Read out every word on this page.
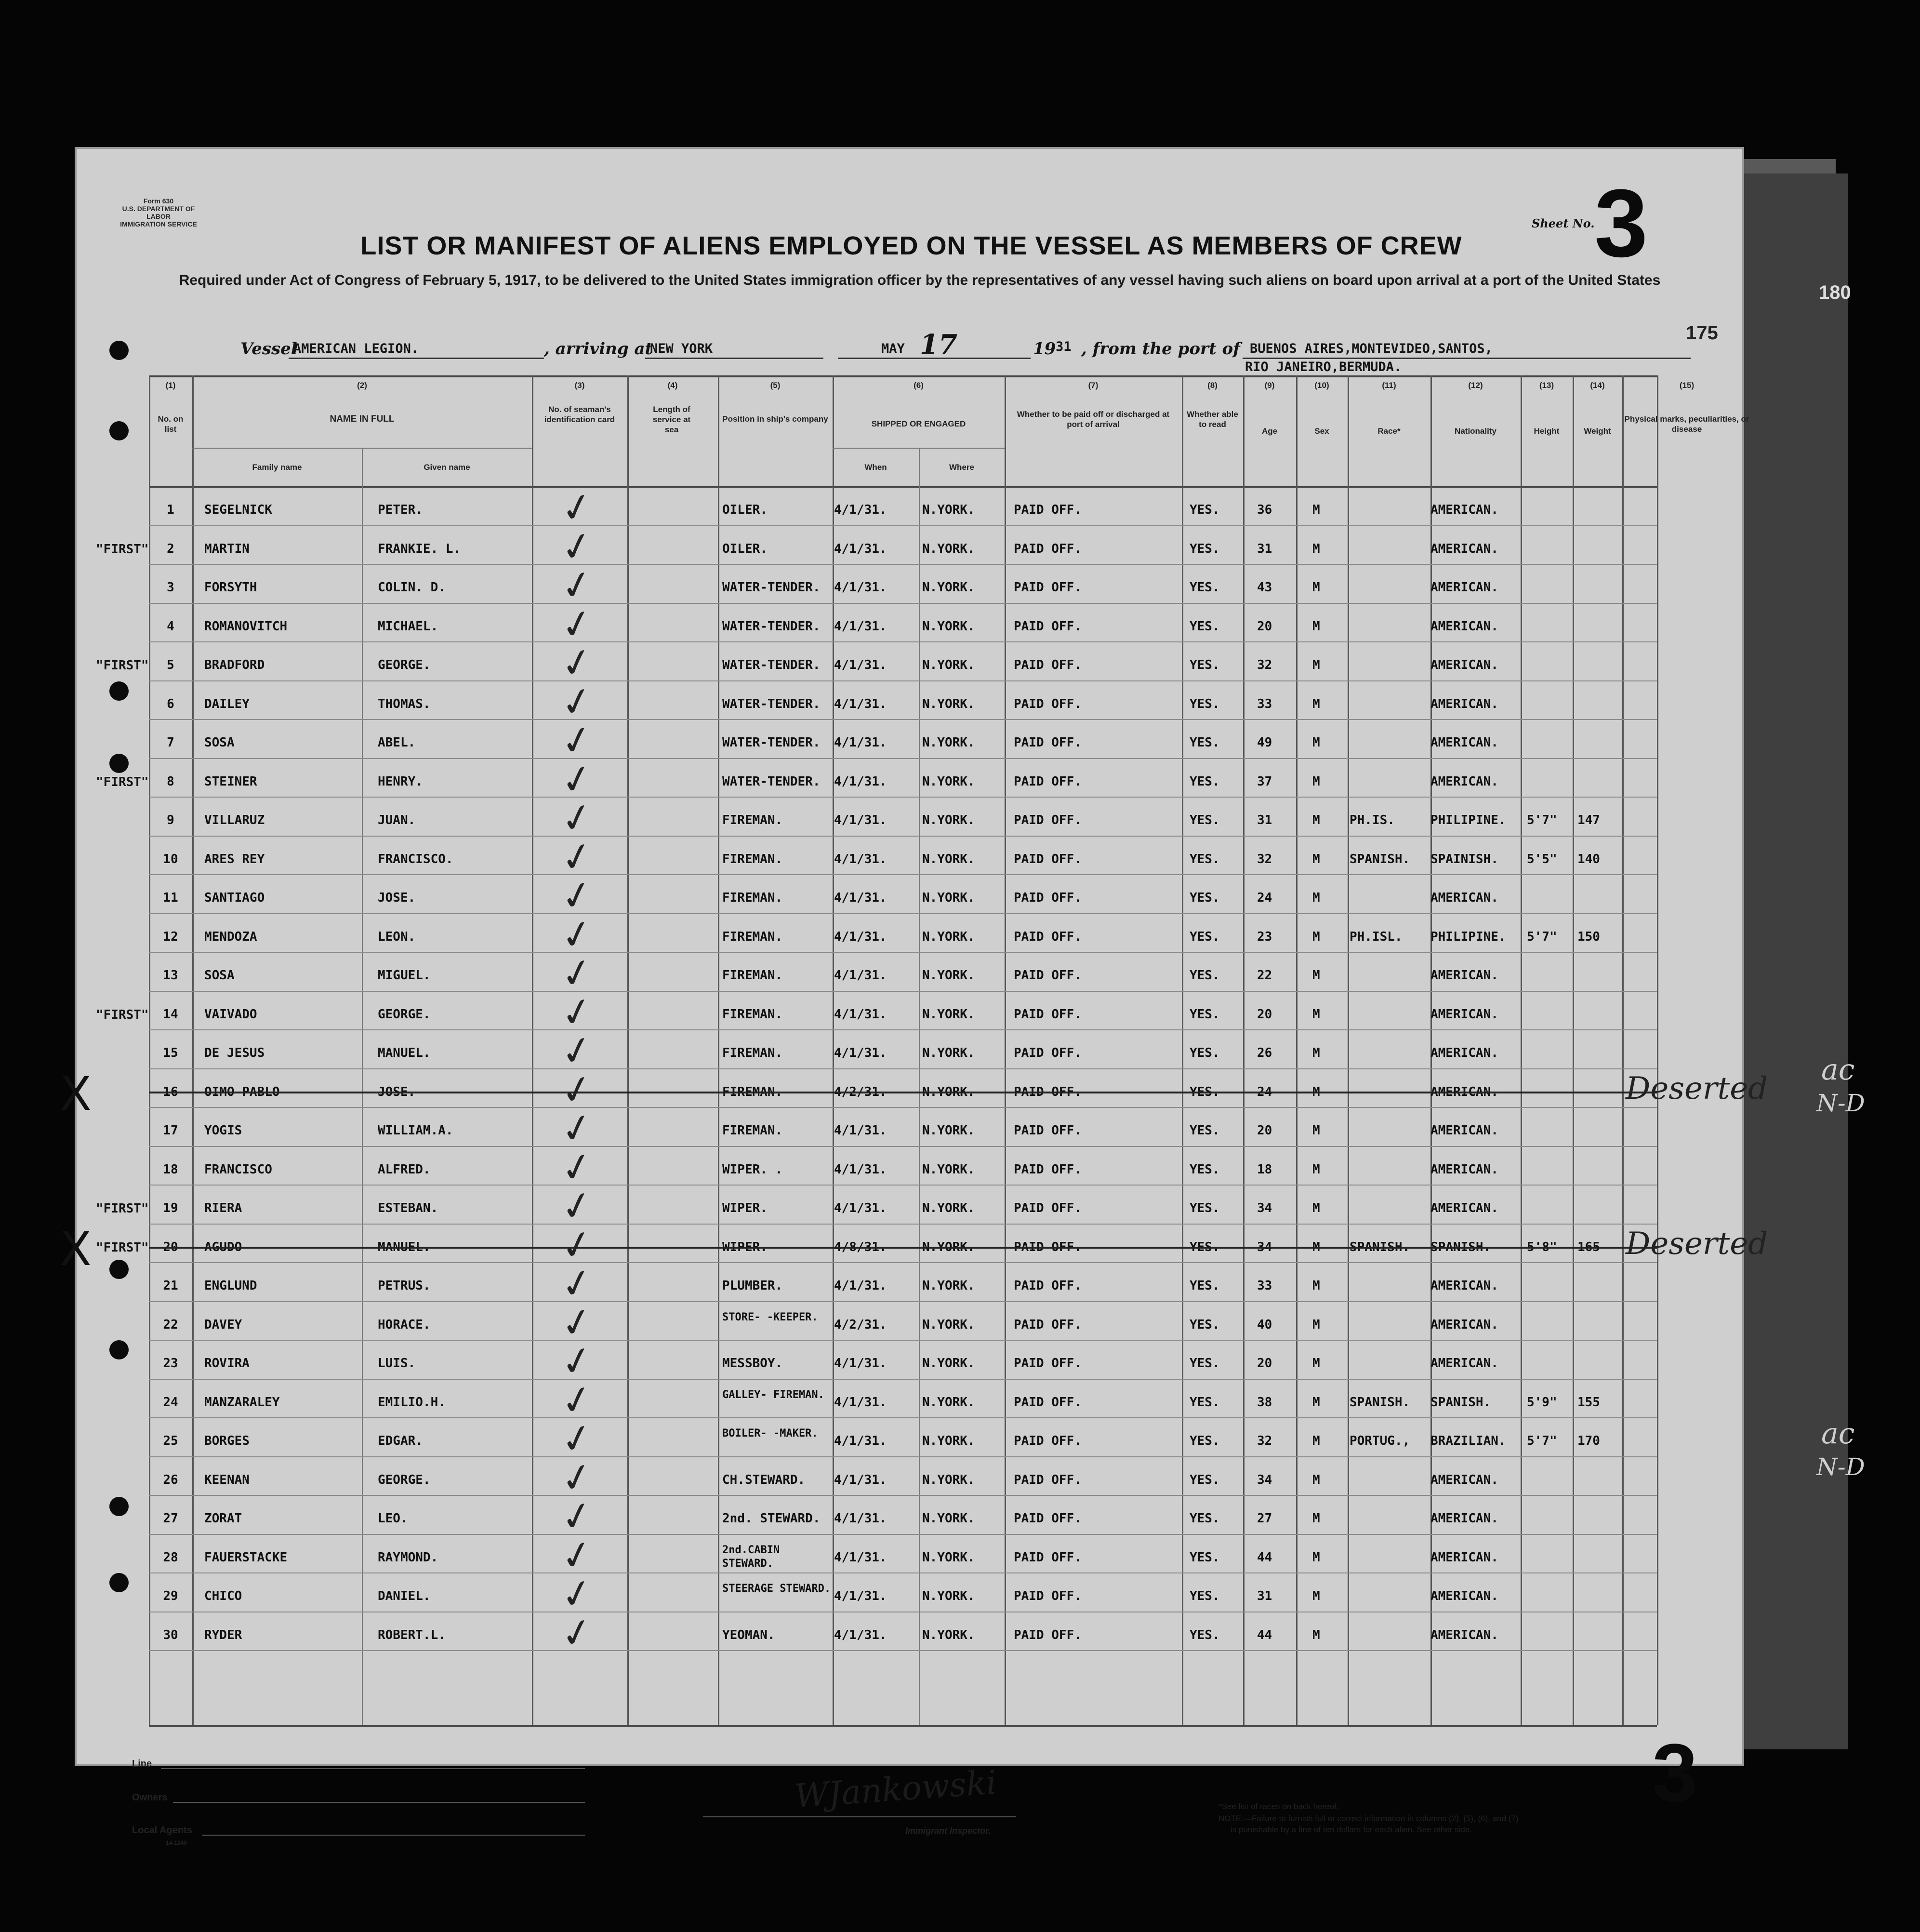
180
Form 630
U.S. DEPARTMENT OF LABOR
IMMIGRATION SERVICE
LIST OR MANIFEST OF ALIENS EMPLOYED ON THE VESSEL AS MEMBERS OF CREW
Required under Act of Congress of February 5, 1917, to be delivered to the United States immigration officer by the representatives of any vessel having such aliens on board upon arrival at a port of the United States
Sheet No. 3
175
Vessel
AMERICAN LEGION.	, arriving at
NEW YORK	MAY 17	19 31 , from the port of BUENOS AIRES,MONTEVIDEO,SANTOS,
RIO JANEIRO,BERMUDA.
(1)
No. on list
(2)
NAME IN FULL
Family name	Given name
(3)
No. of seaman's identification card
(4)
Length of service at sea
(5)
Position in ship's company
(6)
SHIPPED OR ENGAGED
When	Where
(7)
Whether to be paid off or discharged at port of arrival
(8)
Whether able to read
(9)
Age
(10)
Sex
(11)
Race*
(12)
Nationality
(13)
Height
(14)
Weight
(15)
Physical marks, peculiarities, or disease
1	SEGELNICK	PETER.	OILER.	4/1/31.	N.YORK.	PAID OFF.	YES.	36	M	AMERICAN.
✓
2	MARTIN	FRANKIE. L.	OILER.	4/1/31.	N.YORK.	PAID OFF.	YES.	31	M	AMERICAN.
✓
"FIRST"
3	FORSYTH	COLIN. D.	WATER-TENDER. 4/1/31.	N.YORK.	PAID OFF.	YES.	43	M	AMERICAN.
✓
4	ROMANOVITCH	MICHAEL.	WATER-TENDER. 4/1/31.	N.YORK.	PAID OFF.	YES.	20	M	AMERICAN.
✓
5	BRADFORD	GEORGE.	WATER-TENDER. 4/1/31.	N.YORK.	PAID OFF.	YES.	32	M	AMERICAN.
✓
"FIRST"
6	DAILEY	THOMAS.	WATER-TENDER. 4/1/31.	N.YORK.	PAID OFF.	YES.	33	M	AMERICAN.
✓
7	SOSA	ABEL.	WATER-TENDER. 4/1/31.	N.YORK.	PAID OFF.	YES.	49	M	AMERICAN.
✓
8	STEINER	HENRY.	WATER-TENDER. 4/1/31.	N.YORK.	PAID OFF.	YES.	37	M	AMERICAN.
✓
"FIRST"
9	VILLARUZ	JUAN.	FIREMAN.	4/1/31.	N.YORK.	PAID OFF.	YES.	31	M PH.IS.	PHILIPINE. 5'7" 147
✓
10	ARES REY	FRANCISCO.	FIREMAN.	4/1/31.	N.YORK.	PAID OFF.	YES.	32	M SPANISH. SPAINISH. 5'5" 140
✓
11	SANTIAGO	JOSE.	FIREMAN.	4/1/31.	N.YORK.	PAID OFF.	YES.	24	M	AMERICAN.
✓
12	MENDOZA	LEON.	FIREMAN.	4/1/31.	N.YORK.	PAID OFF.	YES.	23	M PH.ISL. PHILIPINE. 5'7" 150
✓
13	SOSA	MIGUEL.	FIREMAN.	4/1/31.	N.YORK.	PAID OFF.	YES.	22	M	AMERICAN.
✓
14	VAIVADO	GEORGE.	FIREMAN.	4/1/31.	N.YORK.	PAID OFF.	YES.	20	M	AMERICAN.
✓
"FIRST"
15	DE JESUS	MANUEL.	FIREMAN.	4/1/31.	N.YORK.	PAID OFF.	YES.	26	M	AMERICAN.
✓
16	OIMO PABLO	JOSE.	FIREMAN.	4/2/31.	N.YORK.	PAID OFF.	YES.	24	M	AMERICAN.
✓
X	Deserted
17	YOGIS	WILLIAM.A.	FIREMAN.	4/1/31.	N.YORK.	PAID OFF.	YES.	20	M	AMERICAN.
✓
18	FRANCISCO	ALFRED.	WIPER. .	4/1/31.	N.YORK.	PAID OFF.	YES.	18	M	AMERICAN.
✓
19	RIERA	ESTEBAN.	WIPER.	4/1/31.	N.YORK.	PAID OFF.	YES.	34	M	AMERICAN.
✓
"FIRST"
20	AGUDO	MANUEL.	WIPER.	4/8/31.	N.YORK.	PAID OFF.	YES.	34	M SPANISH. SPANISH.	5'8" 165
✓
"FIRST"
X	Deserted
21	ENGLUND	PETRUS.	PLUMBER.	4/1/31.	N.YORK.	PAID OFF.	YES.	33	M	AMERICAN.
✓
22	DAVEY	HORACE.
STORE- -KEEPER.
4/2/31.	N.YORK.	PAID OFF.	YES.	40	M	AMERICAN.
✓
23	ROVIRA	LUIS.	MESSBOY.	4/1/31.	N.YORK.	PAID OFF.	YES.	20	M	AMERICAN.
✓
24	MANZARALEY	EMILIO.H.
GALLEY- FIREMAN.
4/1/31.	N.YORK.	PAID OFF.	YES.	38	M SPANISH. SPANISH.	5'9" 155
✓
25	BORGES	EDGAR.
BOILER- -MAKER.
4/1/31.	N.YORK.	PAID OFF.	YES.	32	M PORTUG., BRAZILIAN. 5'7" 170
✓
26	KEENAN	GEORGE.	CH.STEWARD. 4/1/31.	N.YORK.	PAID OFF.	YES.	34	M	AMERICAN.
✓
27	ZORAT	LEO.	2nd. STEWARD. 4/1/31.	N.YORK.	PAID OFF.	YES.	27	M	AMERICAN.
✓
28	FAUERSTACKE	RAYMOND.
2nd.CABIN STEWARD.	4/1/31.	N.YORK.	PAID OFF.	YES.	44	M	AMERICAN.
✓
29	CHICO	DANIEL.
STEERAGE STEWARD.
4/1/31.	N.YORK.	PAID OFF.	YES.	31	M	AMERICAN.
✓
30	RYDER	ROBERT.L.	YEOMAN.	4/1/31.	N.YORK.	PAID OFF.	YES.	44	M	AMERICAN.
✓
3
Line
Owners
Local Agents
14-1240
WJankowski
Immigrant Inspector.
*See list of races on back hereof.
NOTE.—Failure to furnish full or correct information in columns (2), (5), (6), and (7)
is punishable by a fine of ten dollars for each alien. See other side.
ac
N-D
ac
N-D
